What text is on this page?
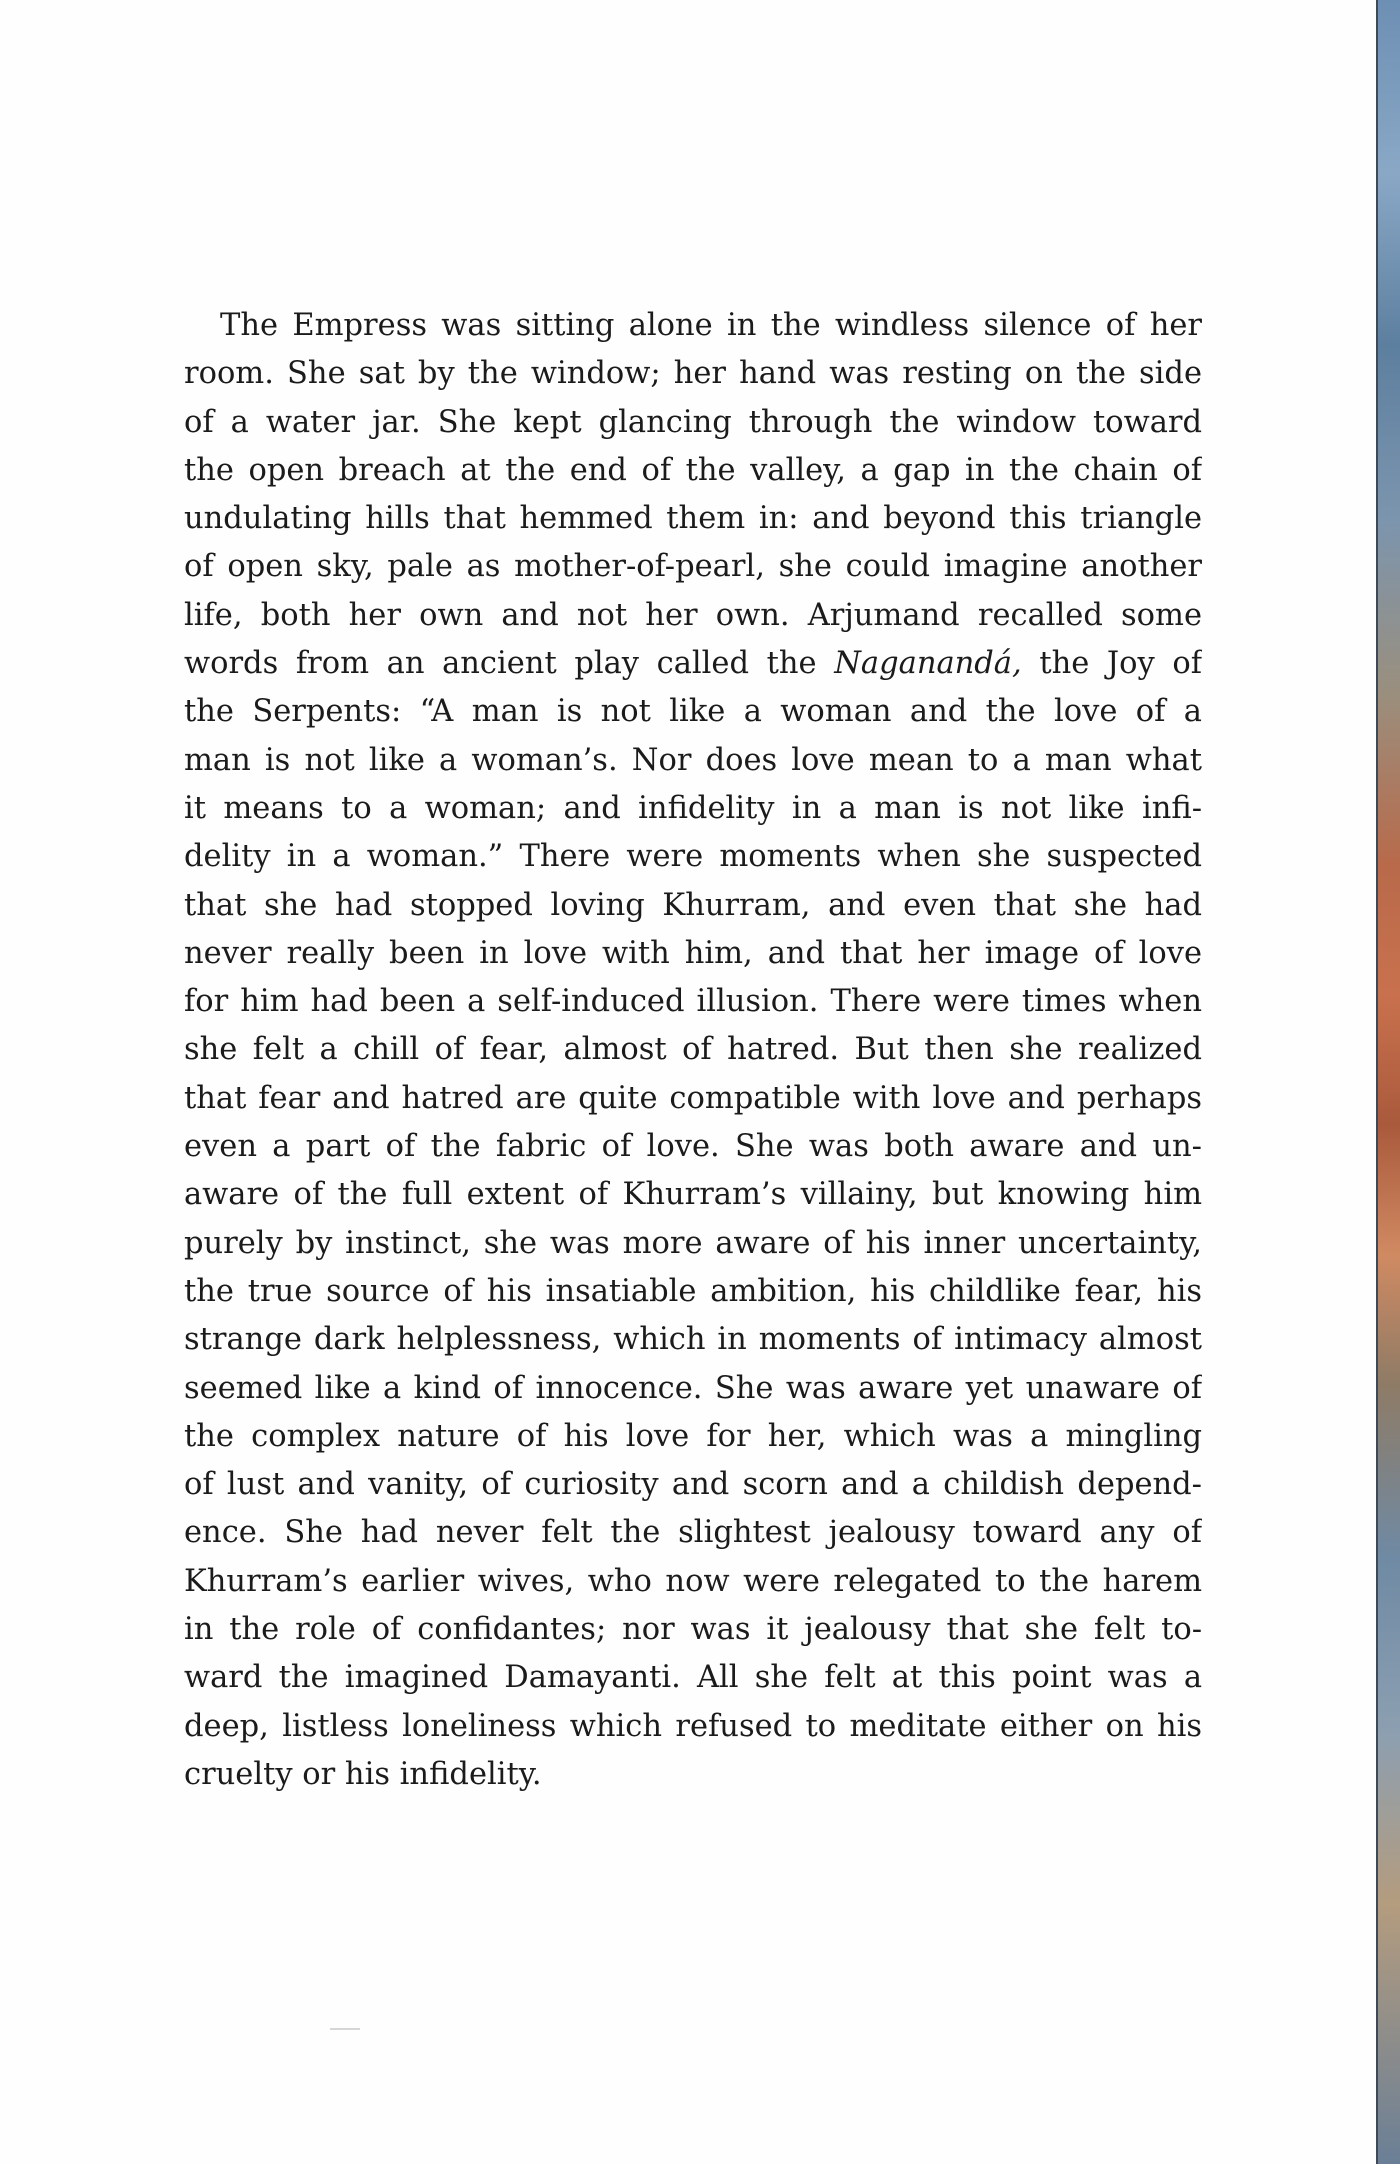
The Empress was sitting alone in the windless silence of her
room. She sat by the window; her hand was resting on the side
of a water jar. She kept glancing through the window toward
the open breach at the end of the valley, a gap in the chain of
undulating hills that hemmed them in: and beyond this triangle
of open sky, pale as mother-of-pearl, she could imagine another
life, both her own and not her own. Arjumand recalled some
words from an ancient play called the Naganandá, the Joy of
the Serpents: “A man is not like a woman and the love of a
man is not like a woman’s. Nor does love mean to a man what
it means to a woman; and infidelity in a man is not like infi-
delity in a woman.” There were moments when she suspected
that she had stopped loving Khurram, and even that she had
never really been in love with him, and that her image of love
for him had been a self-induced illusion. There were times when
she felt a chill of fear, almost of hatred. But then she realized
that fear and hatred are quite compatible with love and perhaps
even a part of the fabric of love. She was both aware and un-
aware of the full extent of Khurram’s villainy, but knowing him
purely by instinct, she was more aware of his inner uncertainty,
the true source of his insatiable ambition, his childlike fear, his
strange dark helplessness, which in moments of intimacy almost
seemed like a kind of innocence. She was aware yet unaware of
the complex nature of his love for her, which was a mingling
of lust and vanity, of curiosity and scorn and a childish depend-
ence. She had never felt the slightest jealousy toward any of
Khurram’s earlier wives, who now were relegated to the harem
in the role of confidantes; nor was it jealousy that she felt to-
ward the imagined Damayanti. All she felt at this point was a
deep, listless loneliness which refused to meditate either on his
cruelty or his infidelity.
